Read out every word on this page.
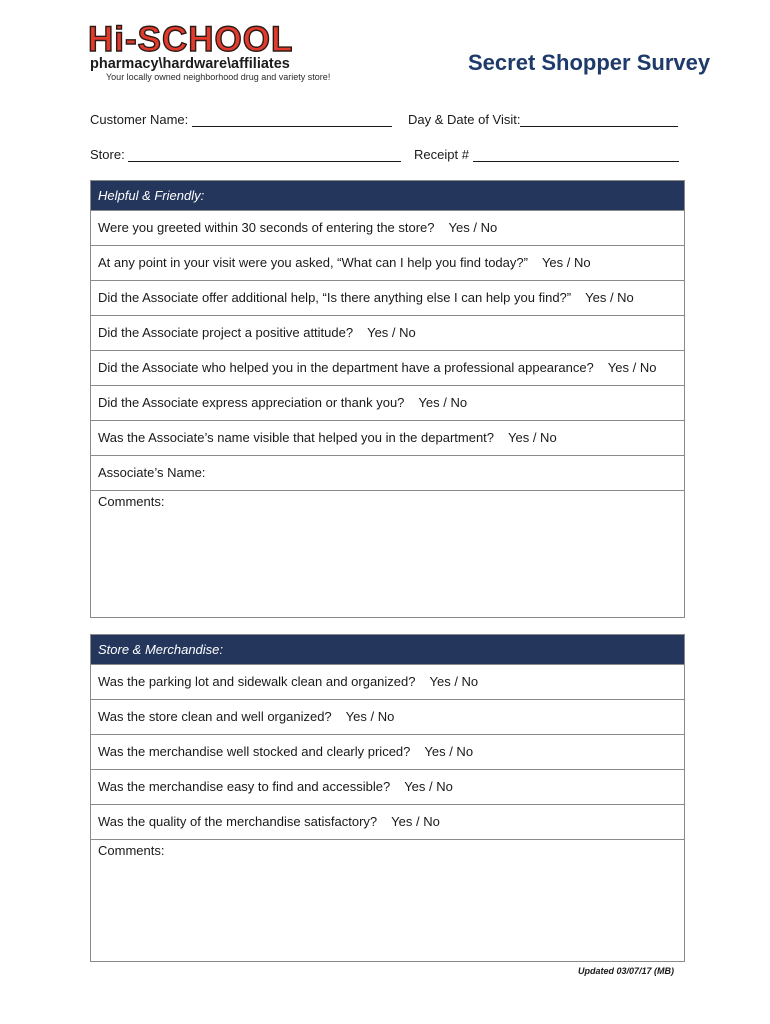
Hi-SCHOOL
pharmacy\hardware\affiliates
Your locally owned neighborhood drug and variety store!
Secret Shopper Survey
Customer Name:	Day & Date of Visit:
Store:	Receipt #
Helpful & Friendly:
Were you greeted within 30 seconds of entering the store? Yes / No
At any point in your visit were you asked, “What can I help you find today?” Yes / No
Did the Associate offer additional help, “Is there anything else I can help you find?” Yes / No
Did the Associate project a positive attitude? Yes / No
Did the Associate who helped you in the department have a professional appearance? Yes / No
Did the Associate express appreciation or thank you? Yes / No
Was the Associate’s name visible that helped you in the department? Yes / No
Associate’s Name:
Comments:
Store & Merchandise:
Was the parking lot and sidewalk clean and organized? Yes / No
Was the store clean and well organized? Yes / No
Was the merchandise well stocked and clearly priced? Yes / No
Was the merchandise easy to find and accessible? Yes / No
Was the quality of the merchandise satisfactory? Yes / No
Comments:
Updated 03/07/17 (MB)
